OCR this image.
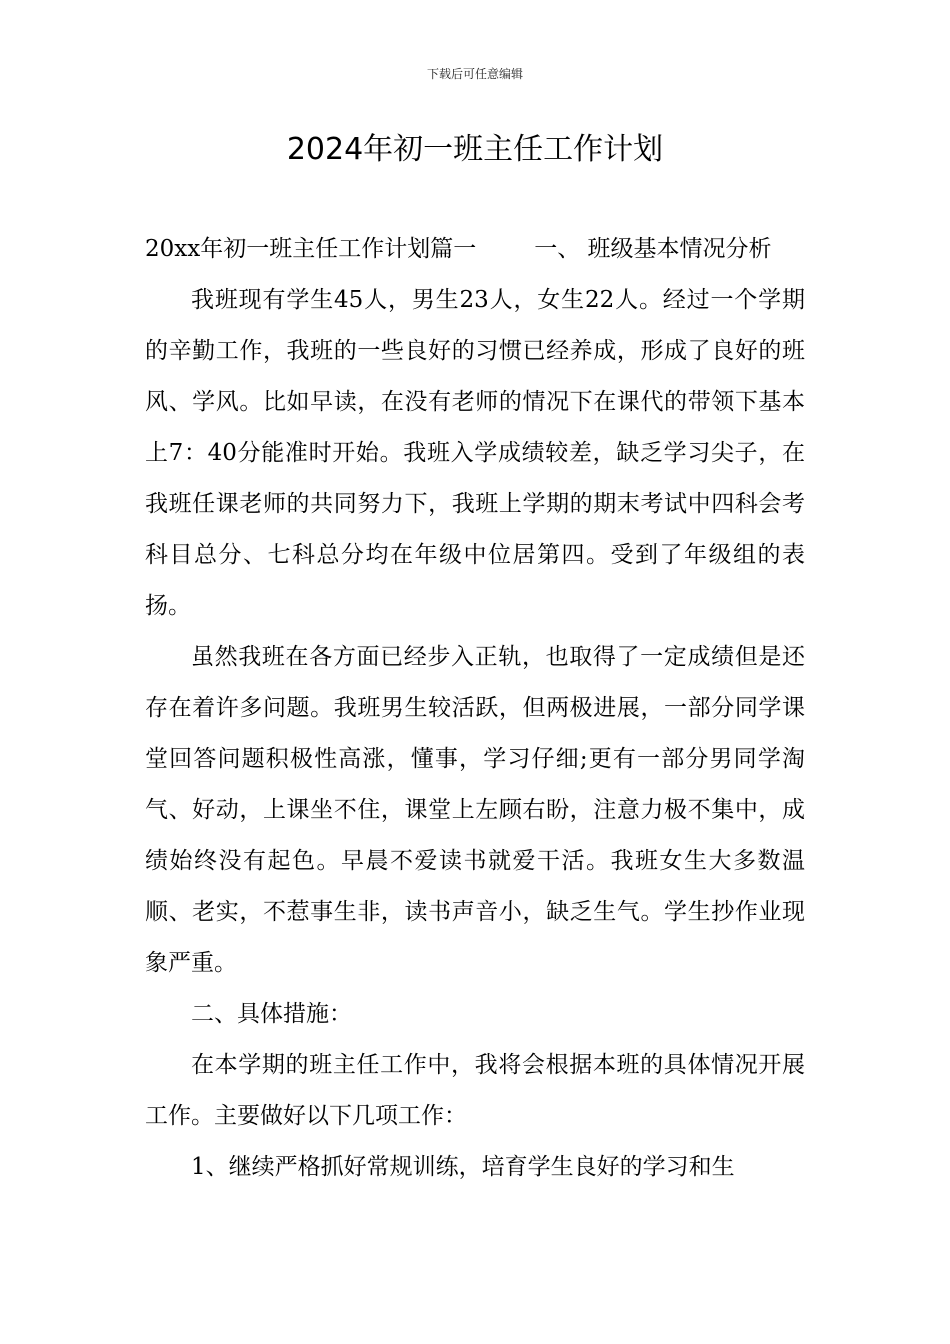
下载后可任意编辑
2024年初一班主任工作计划

20xx年初一班主任工作计划篇一	一、 班级基本情况分析

我班现有学生45人，男生23人，女生22人。经过一个学期的辛勤工作，我班的一些良好的习惯已经养成，形成了良好的班风、学风。比如早读，在没有老师的情况下在课代的带领下基本上7：40分能准时开始。我班入学成绩较差，缺乏学习尖子，在我班任课老师的共同努力下，我班上学期的期末考试中四科会考科目总分、七科总分均在年级中位居第四。受到了年级组的表扬。

虽然我班在各方面已经步入正轨，也取得了一定成绩但是还存在着许多问题。我班男生较活跃，但两极进展，一部分同学课堂回答问题积极性高涨，懂事，学习仔细;更有一部分男同学淘气、好动，上课坐不住，课堂上左顾右盼，注意力极不集中，成绩始终没有起色。早晨不爱读书就爱干活。我班女生大多数温顺、老实，不惹事生非，读书声音小，缺乏生气。学生抄作业现象严重。

二、具体措施：

在本学期的班主任工作中，我将会根据本班的具体情况开展工作。主要做好以下几项工作：

1、继续严格抓好常规训练，培育学生良好的学习和生
